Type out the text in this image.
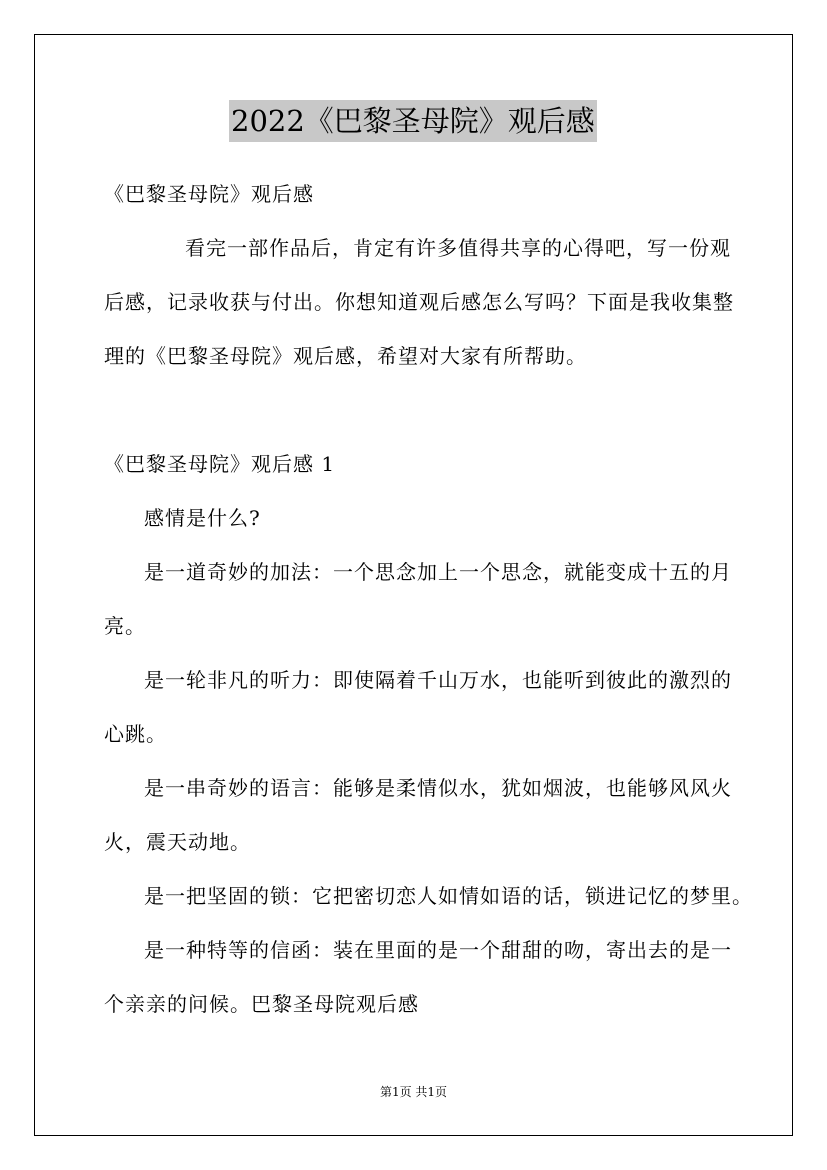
2022《巴黎圣母院》观后感
《巴黎圣母院》观后感
看完一部作品后，肯定有许多值得共享的心得吧，写一份观
后感，记录收获与付出。你想知道观后感怎么写吗？下面是我收集整
理的《巴黎圣母院》观后感，希望对大家有所帮助。
《巴黎圣母院》观后感 1
感情是什么?
是一道奇妙的加法：一个思念加上一个思念，就能变成十五的月
亮。
是一轮非凡的听力：即使隔着千山万水，也能听到彼此的激烈的
心跳。
是一串奇妙的语言：能够是柔情似水，犹如烟波，也能够风风火
火，震天动地。
是一把坚固的锁：它把密切恋人如情如语的话，锁进记忆的梦里。
是一种特等的信函：装在里面的是一个甜甜的吻，寄出去的是一
个亲亲的问候。巴黎圣母院观后感
第1页 共1页
